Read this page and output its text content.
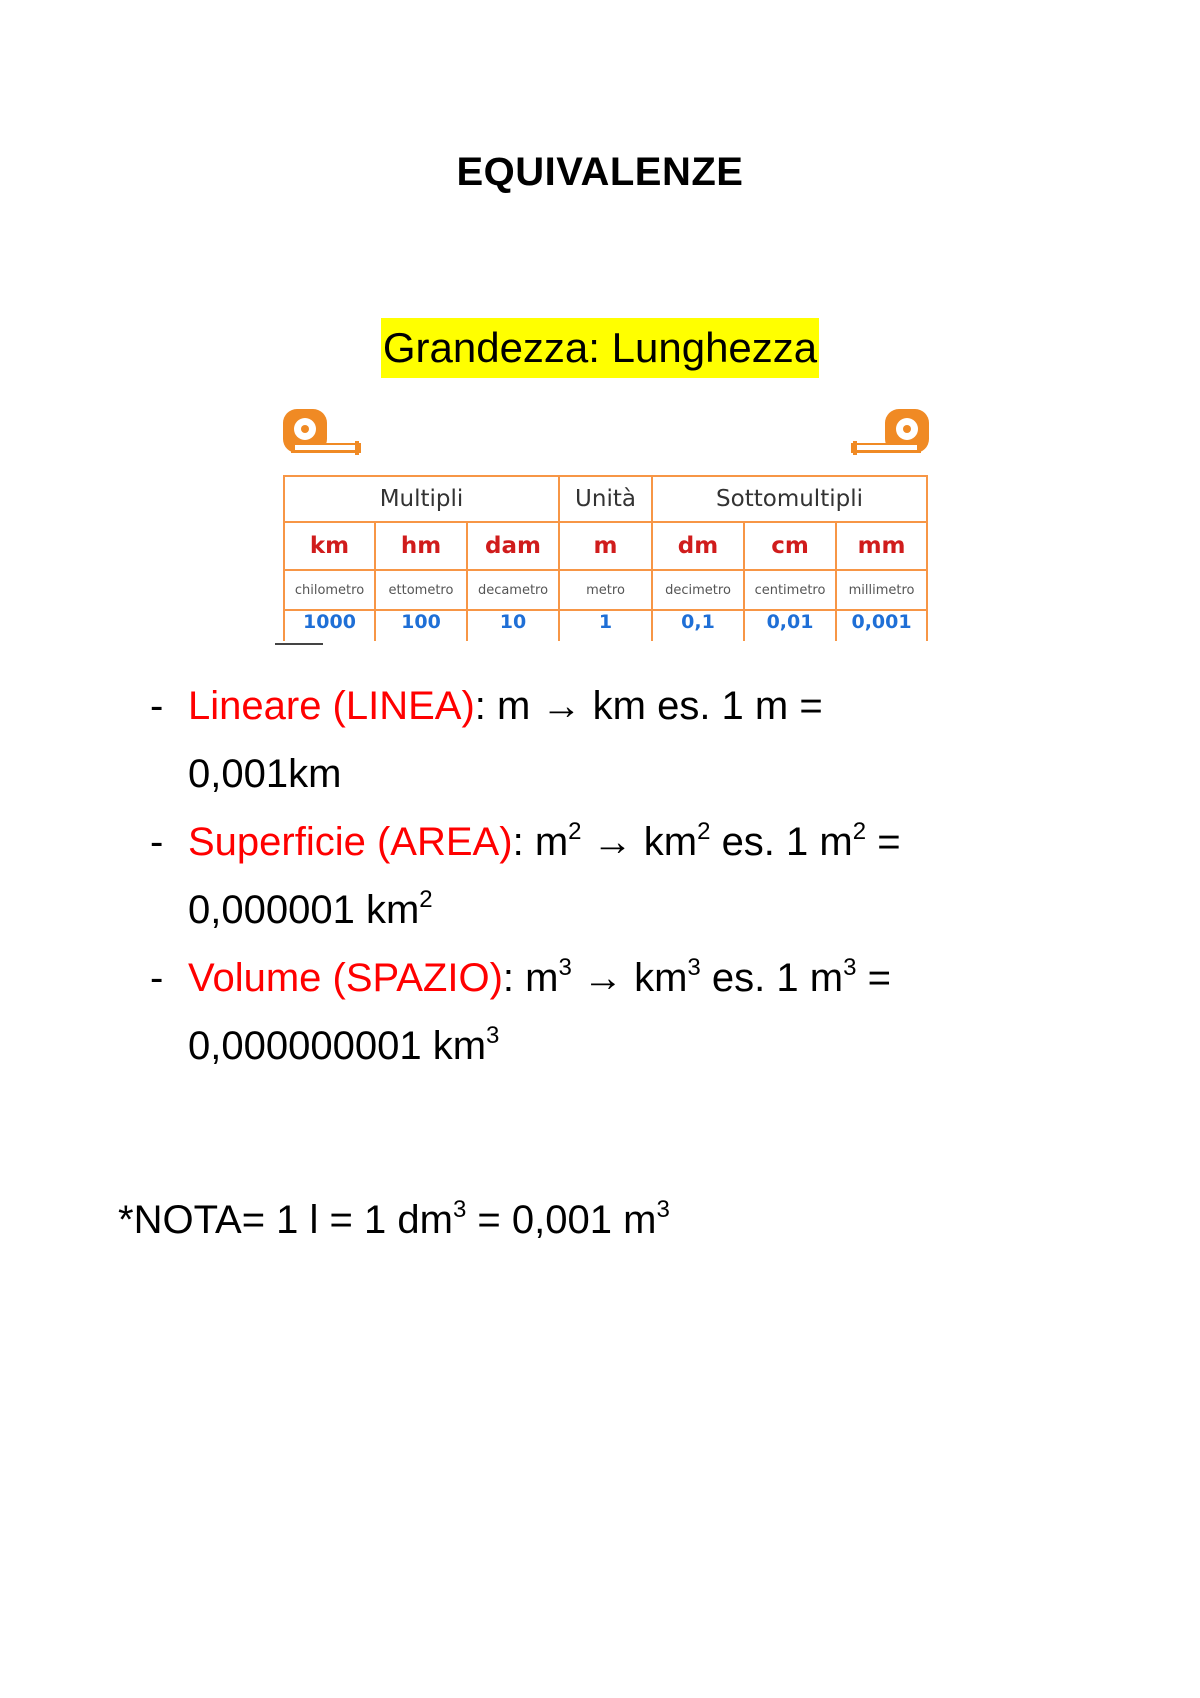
EQUIVALENZE
Grandezza: Lunghezza
Multipli			Unità	Sottomultipli		
km	hm	dam	m	dm	cm	mm
chilometro	ettometro	decametro	metro	decimetro	centimetro	millimetro
1000	100	10	1	0,1	0,01	0,001
- Lineare (LINEA): m → km es. 1 m =
0,001km
- Superficie (AREA): $m^2 \to km^2$ es. 1 $m^2$ =
0,000001 $km^2$
- Volume (SPAZIO): $m^3 \to km^3$ es. 1 $m^3$ =
0,000000001 $km^3$
*NOTA= 1 l = 1 $dm^3 = 0,001$ $m^3$
